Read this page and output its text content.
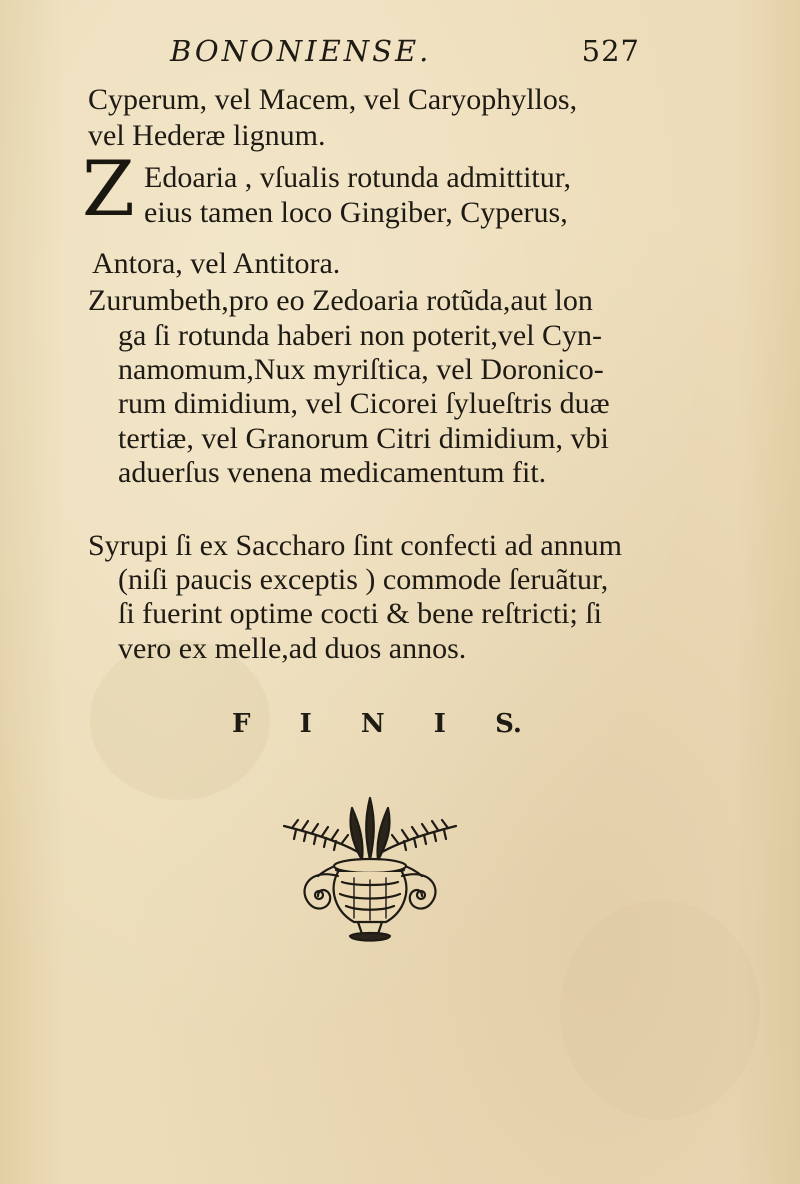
BONONIENSE.	527
Cyperum, vel Macem, vel Caryophyllos,
vel Hederæ lignum.
Z Edoaria , vſualis rotunda admittitur,
eius tamen loco Gingiber, Cyperus,
Antora, vel Antitora.
Zurumbeth,pro eo Zedoaria rotũda,aut lon
ga ſi rotunda haberi non poterit,vel Cyn-
namomum,Nux myriſtica, vel Doronico-
rum dimidium, vel Cicorei ſylueſtris duæ
tertiæ, vel Granorum Citri dimidium, vbi
aduerſus venena medicamentum fit.
Syrupi ſi ex Saccharo ſint confecti ad annum
(niſi paucis exceptis ) commode ſeruãtur,
ſi fuerint optime cocti & bene reſtricti; ſi
vero ex melle,ad duos annos.
F I N I S.
